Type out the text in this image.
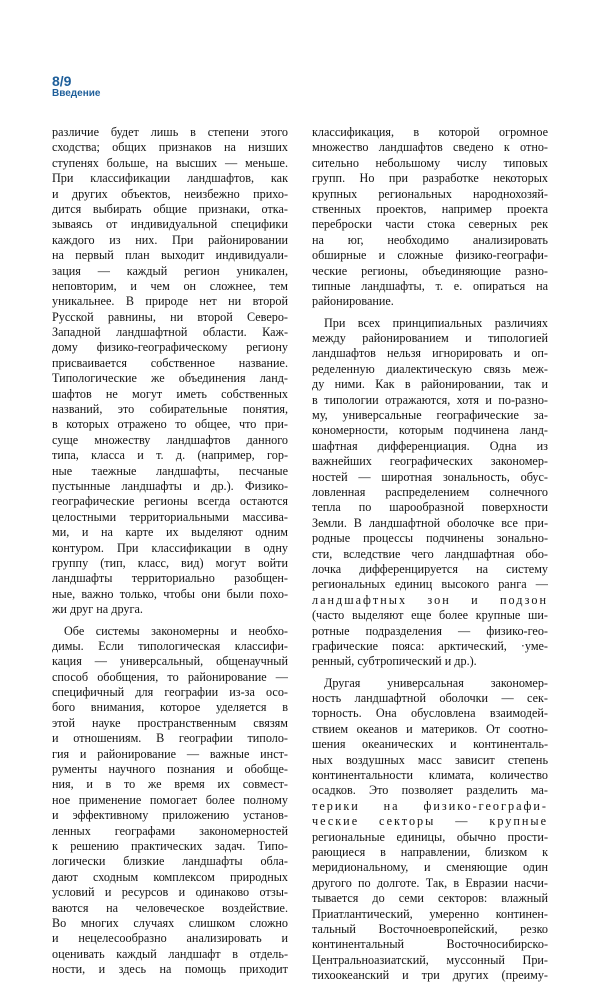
8/9
Введение
различие будет лишь в степени этого
сходства; общих признаков на низших
ступенях больше, на высших — меньше.
При классификации ландшафтов, как
и других объектов, неизбежно прихо-
дится выбирать общие признаки, отка-
зываясь от индивидуальной специфики
каждого из них. При районировании
на первый план выходит индивидуали-
зация — каждый регион уникален,
неповторим, и чем он сложнее, тем
уникальнее. В природе нет ни второй
Русской равнины, ни второй Северо-
Западной ландшафтной области. Каж-
дому физико-географическому региону
присваивается собственное название.
Типологические же объединения ланд-
шафтов не могут иметь собственных
названий, это собирательные понятия,
в которых отражено то общее, что при-
суще множеству ландшафтов данного
типа, класса и т. д. (например, гор-
ные таежные ландшафты, песчаные
пустынные ландшафты и др.). Физико-
географические регионы всегда остаются
целостными территориальными массива-
ми, и на карте их выделяют одним
контуром. При классификации в одну
группу (тип, класс, вид) могут войти
ландшафты территориально разобщен-
ные, важно только, чтобы они были похо-
жи друг на друга.
Обе системы закономерны и необхо-
димы. Если типологическая классифи-
кация — универсальный, общенаучный
способ обобщения, то районирование —
специфичный для географии из-за осо-
бого внимания, которое уделяется в
этой науке пространственным связям
и отношениям. В географии типоло-
гия и районирование — важные инст-
рументы научного познания и обобще-
ния, и в то же время их совмест-
ное применение помогает более полному
и эффективному приложению установ-
ленных географами закономерностей
к решению практических задач. Типо-
логически близкие ландшафты обла-
дают сходным комплексом природных
условий и ресурсов и одинаково отзы-
ваются на человеческое воздействие.
Во многих случаях слишком сложно
и нецелесообразно анализировать и
оценивать каждый ландшафт в отдель-
ности, и здесь на помощь приходит
классификация, в которой огромное
множество ландшафтов сведено к отно-
сительно небольшому числу типовых
групп. Но при разработке некоторых
крупных региональных народнохозяй-
ственных проектов, например проекта
переброски части стока северных рек
на юг, необходимо анализировать
обширные и сложные физико-географи-
ческие регионы, объединяющие разно-
типные ландшафты, т. е. опираться на
районирование.
При всех принципиальных различиях
между районированием и типологией
ландшафтов нельзя игнорировать и оп-
ределенную диалектическую связь меж-
ду ними. Как в районировании, так и
в типологии отражаются, хотя и по-разно-
му, универсальные географические за-
кономерности, которым подчинена ланд-
шафтная дифференциация. Одна из
важнейших географических закономер-
ностей — широтная зональность, обус-
ловленная распределением солнечного
тепла по шарообразной поверхности
Земли. В ландшафтной оболочке все при-
родные процессы подчинены зонально-
сти, вследствие чего ландшафтная обо-
лочка дифференцируется на систему
региональных единиц высокого ранга —
ландшафтных зон и подзон
(часто выделяют еще более крупные ши-
ротные подразделения — физико-гео-
графические пояса: арктический, ·уме-
ренный, субтропический и др.).
Другая универсальная закономер-
ность ландшафтной оболочки — сек-
торность. Она обусловлена взаимодей-
ствием океанов и материков. От соотно-
шения океанических и континенталь-
ных воздушных масс зависит степень
континентальности климата, количество
осадков. Это позволяет разделить ма-
терики на физико-географи-
ческие секторы — крупные
региональные единицы, обычно прости-
рающиеся в направлении, близком к
меридиональному, и сменяющие один
другого по долготе. Так, в Евразии насчи-
тывается до семи секторов: влажный
Приатлантический, умеренно континен-
тальный Восточноевропейский, резко
континентальный Восточносибирско-
Центральноазиатский, муссонный При-
тихоокеанский и три других (преиму-
